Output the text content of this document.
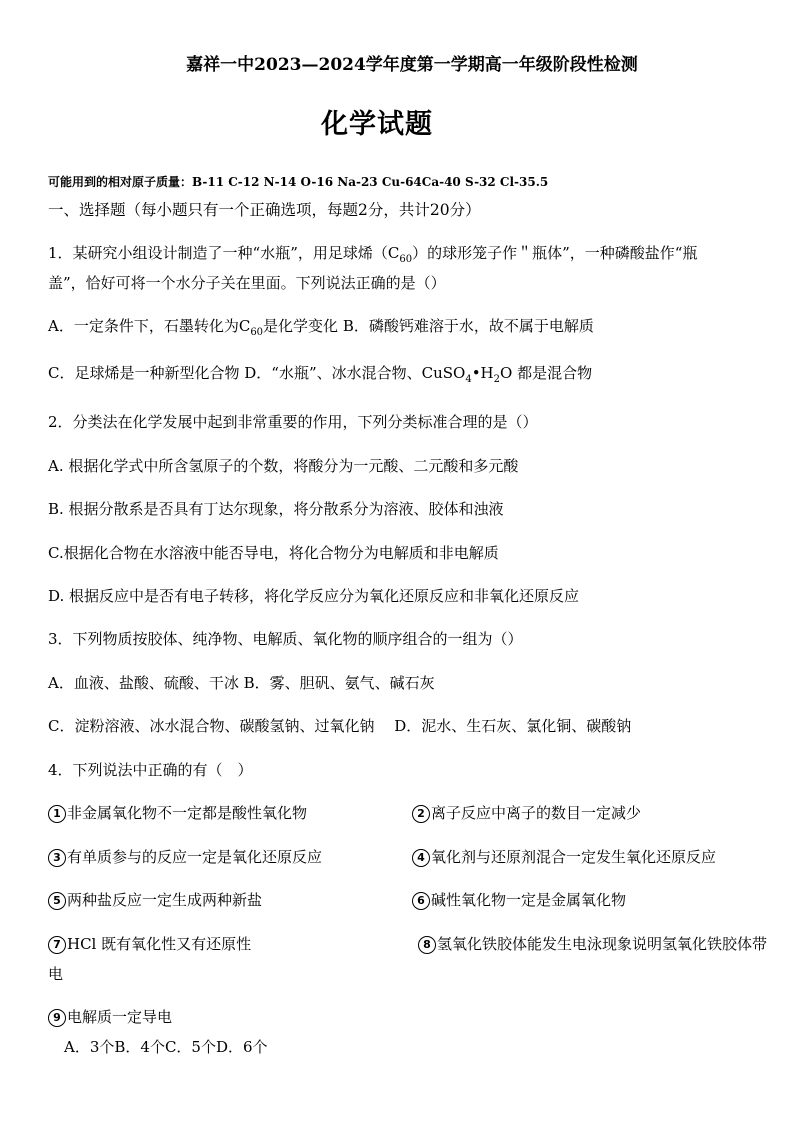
嘉祥一中2023—2024学年度第一学期高一年级阶段性检测
化学试题
可能用到的相对原子质量：B-11 C-12 N-14 O-16 Na-23 Cu-64Ca-40 S-32 Cl-35.5
一、选择题（每小题只有一个正确选项，每题2分，共计20分）
1．某研究小组设计制造了一种“水瓶”，用足球烯$(C_{60})$的球形笼子作＂瓶体”，一种磷酸盐作“瓶
盖”，恰好可将一个水分子关在里面。下列说法正确的是（）
A．一定条件下，石墨转化为$C_{60}$是化学变化 B．磷酸钙难溶于水，故不属于电解质
C．足球烯是一种新型化合物 D．“水瓶”、冰水混合物、$CuSO_4•H_2O$ 都是混合物
2．分类法在化学发展中起到非常重要的作用，下列分类标准合理的是（）
A. 根据化学式中所含氢原子的个数，将酸分为一元酸、二元酸和多元酸
B. 根据分散系是否具有丁达尔现象，将分散系分为溶液、胶体和浊液
C.根据化合物在水溶液中能否导电，将化合物分为电解质和非电解质
D. 根据反应中是否有电子转移，将化学反应分为氧化还原反应和非氧化还原反应
3．下列物质按胶体、纯净物、电解质、氧化物的顺序组合的一组为（）
A．血液、盐酸、硫酸、干冰 B．雾、胆矾、氨气、碱石灰
C．淀粉溶液、冰水混合物、碳酸氢钠、过氧化钠　 D．泥水、生石灰、氯化铜、碳酸钠
4．下列说法中正确的有（　）
1 非金属氧化物不一定都是酸性氧化物	2 离子反应中离子的数目一定减少
3 有单质参与的反应一定是氧化还原反应	4 氧化剂与还原剂混合一定发生氧化还原反应
5 两种盐反应一定生成两种新盐	6 碱性氧化物一定是金属氧化物
7 HCl 既有氧化性又有还原性	8 氢氧化铁胶体能发生电泳现象说明氢氧化铁胶体带
电
9 电解质一定导电
A．3个B．4个C．5个D．6个
